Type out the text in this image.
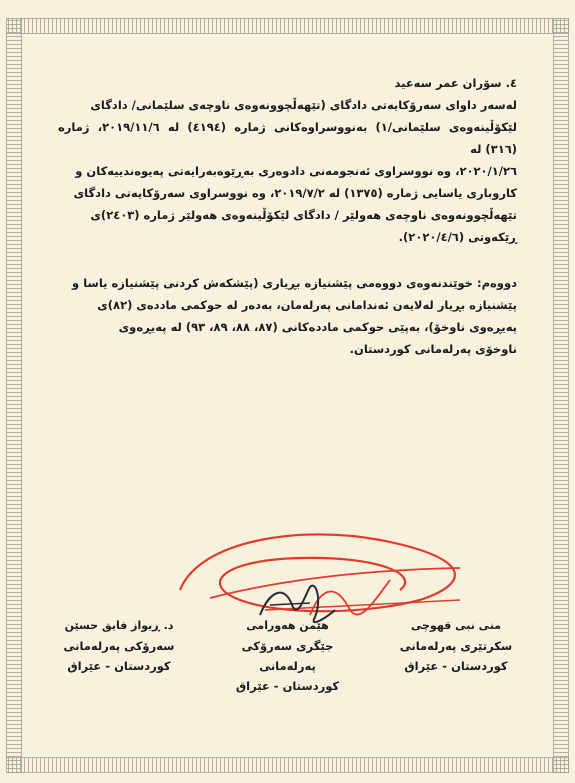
٤. سۆران عمر سەعید
لەسەر داوای سەرۆکایەتی دادگای (تێهەڵچوونەوەی ناوچەی سلێمانی/ دادگای
لێکۆڵینەوەی سلێمانی/١) بەنووسراوەکانی ژمارە (٤١٩٤) لە ٢٠١٩/١١/٦، ژمارە (٣١٦) لە
٢٠٢٠/١/٢٦، وە نووسراوی ئەنجومەنی دادوەری بەڕێوەبەرایەتی پەیوەندییەکان و
کاروباری یاسایی ژمارە (١٣٧٥) لە ٢٠١٩/٧/٢، وە نووسراوی سەرۆکایەتی دادگای
تێهەڵچوونەوەی ناوچەی هەولێر / دادگای لێکۆڵینەوەی هەولێر ژمارە (٢٤٠٣)ی
ڕێکەوتی (٢٠٢٠/٤/٦).
دووەم: خوێندنەوەی دووەمی پێشنیازە بڕیاری (پێشکەش کردنی پێشنیازە یاسا و
پێشنیازە بڕیار لەلایەن ئەندامانی پەرلەمان، بەدەر لە حوکمی ماددەی (٨٢)ی
پەیڕەوی ناوخۆ)، بەپێی حوکمی ماددەکانی (٨٧، ٨٨، ٨٩، ٩٣) لە پەیڕەوی
ناوخۆی پەرلەمانی کوردستان.
منى نبى قهوچى
سکرتێری پەرلەمانی
کوردستان - عێراق
هێمن هەورامی
جێگری سەرۆکی پەرلەمانی
کوردستان - عێراق
د. ڕیواز فایق حسێن
سەرۆکی پەرلەمانی
کوردستان - عێراق
